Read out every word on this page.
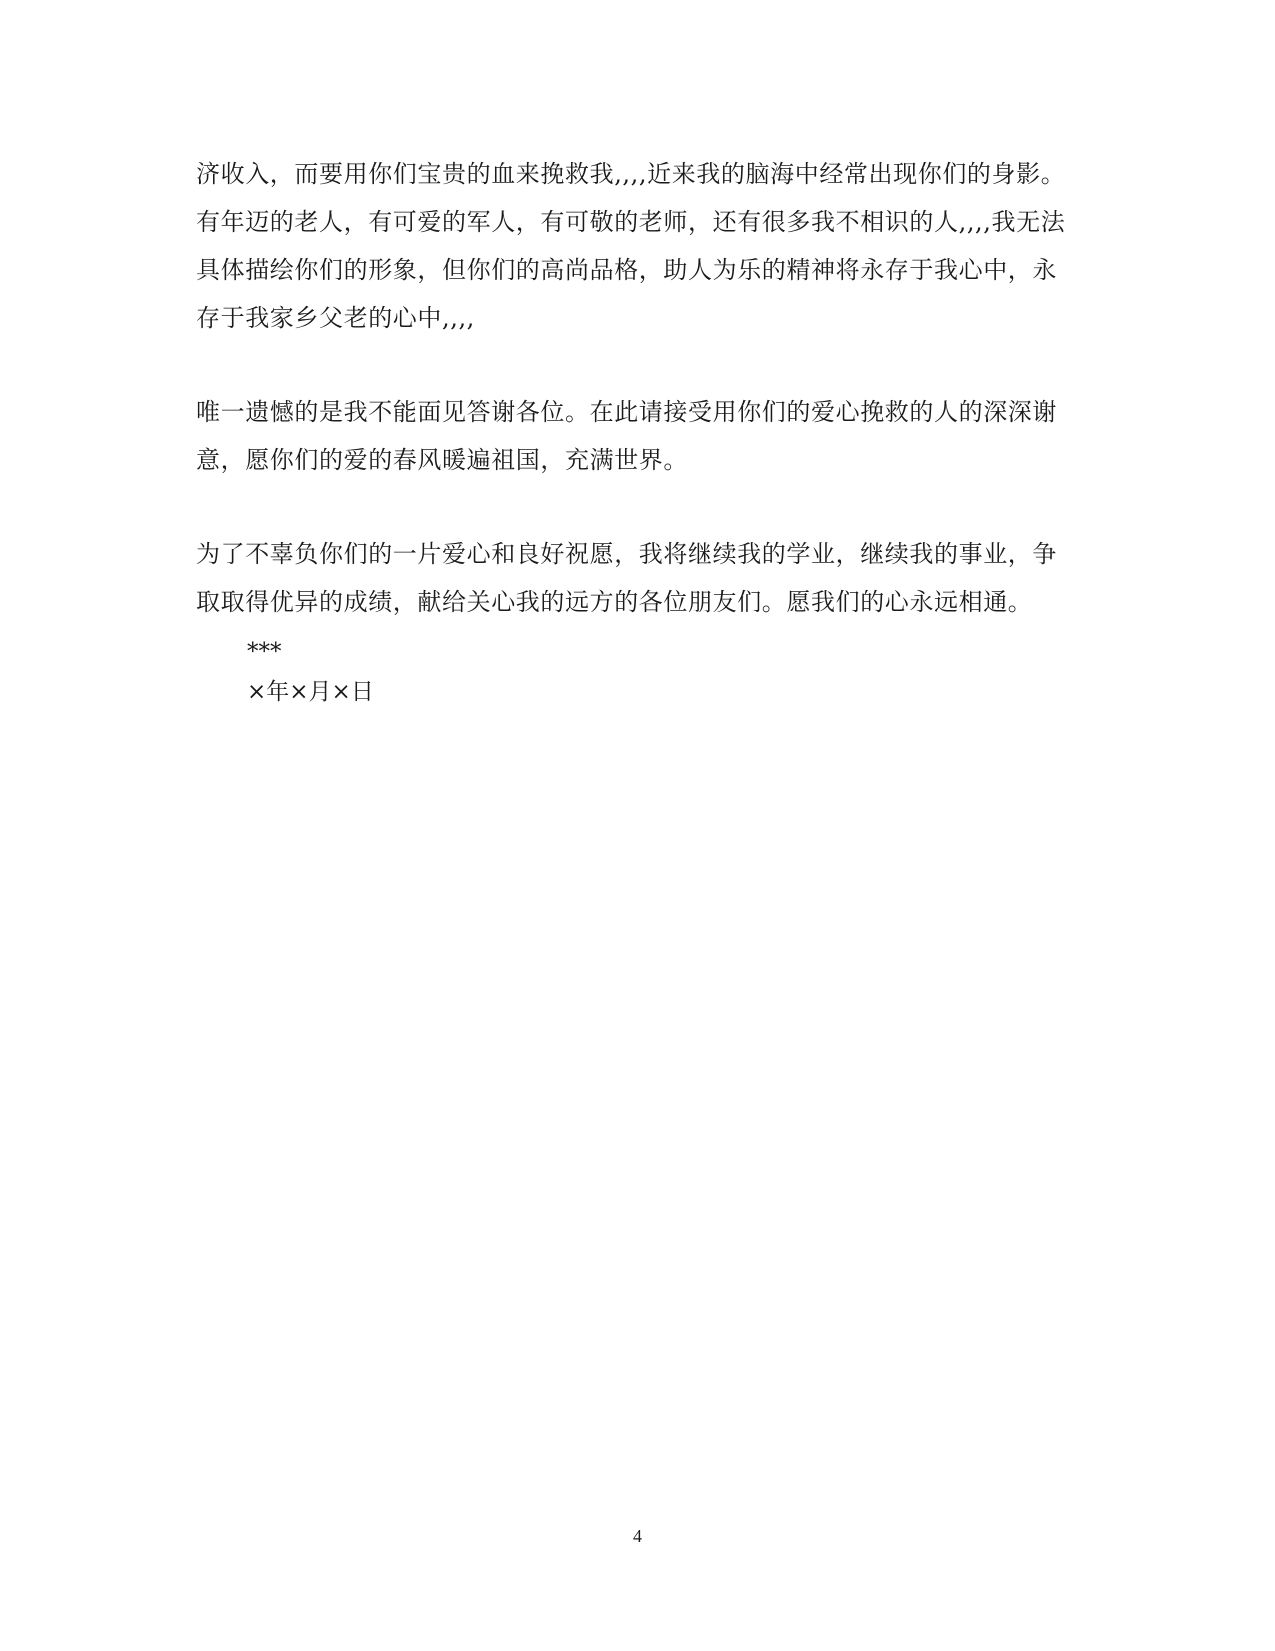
济收入，而要用你们宝贵的血来挽救我,,,,近来我的脑海中经常出现你们的身影。

有年迈的老人，有可爱的军人，有可敬的老师，还有很多我不相识的人,,,,我无法

具体描绘你们的形象，但你们的高尚品格，助人为乐的精神将永存于我心中，永

存于我家乡父老的心中,,,,

唯一遗憾的是我不能面见答谢各位。在此请接受用你们的爱心挽救的人的深深谢

意，愿你们的爱的春风暖遍祖国，充满世界。

为了不辜负你们的一片爱心和良好祝愿，我将继续我的学业，继续我的事业，争

取取得优异的成绩，献给关心我的远方的各位朋友们。愿我们的心永远相通。

***
×年×月×日
4
